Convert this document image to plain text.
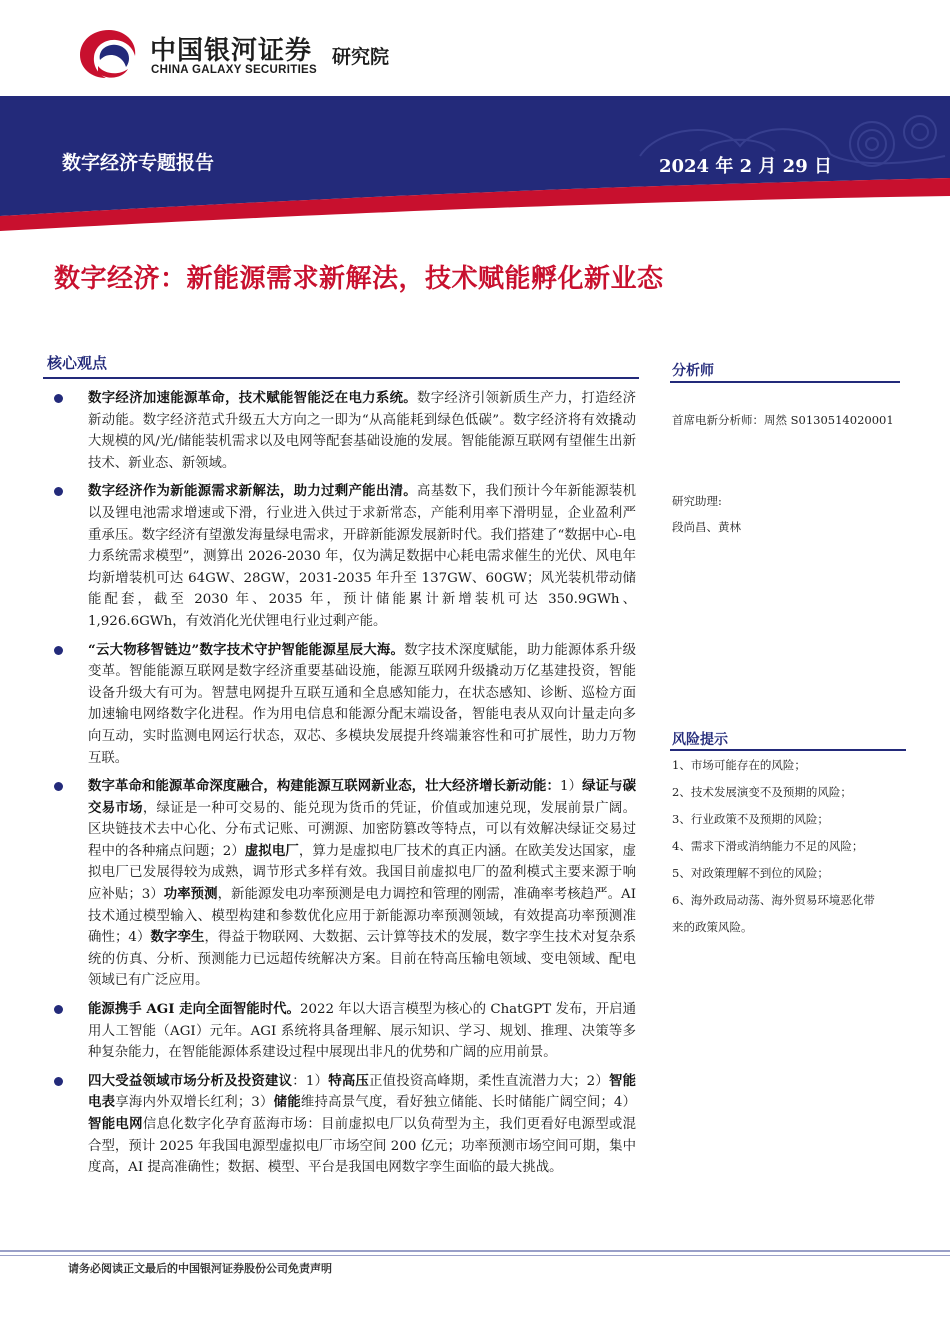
中国银河证券
CHINA GALAXY SECURITIES
研究院
数字经济专题报告	2024 年 2 月 29 日
数字经济：新能源需求新解法，技术赋能孵化新业态
核心观点
数字经济加速能源革命，技术赋能智能泛在电力系统。数字经济引领新质生产力，打造经济新动能。数字经济范式升级五大方向之一即为“从高能耗到绿色低碳”。数字经济将有效撬动大规模的风/光/储能装机需求以及电网等配套基础设施的发展。智能能源互联网有望催生出新技术、新业态、新领域。
数字经济作为新能源需求新解法，助力过剩产能出清。高基数下，我们预计今年新能源装机以及锂电池需求增速或下滑，行业进入供过于求新常态，产能利用率下滑明显，企业盈利严重承压。数字经济有望激发海量绿电需求，开辟新能源发展新时代。我们搭建了“数据中心-电力系统需求模型”，测算出 2026-2030 年，仅为满足数据中心耗电需求催生的光伏、风电年均新增装机可达 64GW、28GW，2031-2035 年升至 137GW、60GW；风光装机带动储能配套，截至 2030 年、2035 年，预计储能累计新增装机可达 350.9GWh、1,926.6GWh，有效消化光伏锂电行业过剩产能。
“云大物移智链边”数字技术守护智能能源星辰大海。数字技术深度赋能，助力能源体系升级变革。智能能源互联网是数字经济重要基础设施，能源互联网升级撬动万亿基建投资，智能设备升级大有可为。智慧电网提升互联互通和全息感知能力，在状态感知、诊断、巡检方面加速输电网络数字化进程。作为用电信息和能源分配末端设备，智能电表从双向计量走向多向互动，实时监测电网运行状态，双芯、多模块发展提升终端兼容性和可扩展性，助力万物互联。
数字革命和能源革命深度融合，构建能源互联网新业态，壮大经济增长新动能：1）绿证与碳交易市场，绿证是一种可交易的、能兑现为货币的凭证，价值或加速兑现，发展前景广阔。区块链技术去中心化、分布式记账、可溯源、加密防篡改等特点，可以有效解决绿证交易过程中的各种痛点问题；2）虚拟电厂，算力是虚拟电厂技术的真正内涵。在欧美发达国家，虚拟电厂已发展得较为成熟，调节形式多样有效。我国目前虚拟电厂的盈利模式主要来源于响应补贴；3）功率预测，新能源发电功率预测是电力调控和管理的刚需，准确率考核趋严。AI 技术通过模型输入、模型构建和参数优化应用于新能源功率预测领域，有效提高功率预测准确性；4）数字孪生，得益于物联网、大数据、云计算等技术的发展，数字孪生技术对复杂系统的仿真、分析、预测能力已远超传统解决方案。目前在特高压输电领域、变电领域、配电领域已有广泛应用。
能源携手 AGI 走向全面智能时代。2022 年以大语言模型为核心的 ChatGPT 发布，开启通用人工智能（AGI）元年。AGI 系统将具备理解、展示知识、学习、规划、推理、决策等多种复杂能力，在智能能源体系建设过程中展现出非凡的优势和广阔的应用前景。
四大受益领域市场分析及投资建议：1）特高压正值投资高峰期，柔性直流潜力大；2）智能电表享海内外双增长红利；3）储能维持高景气度，看好独立储能、长时储能广阔空间；4）智能电网信息化数字化孕育蓝海市场：目前虚拟电厂以负荷型为主，我们更看好电源型或混合型，预计 2025 年我国电源型虚拟电厂市场空间 200 亿元；功率预测市场空间可期，集中度高，AI 提高准确性；数据、模型、平台是我国电网数字孪生面临的最大挑战。
分析师
首席电新分析师：周然 S0130514020001
研究助理:
段尚昌、黄林
风险提示
1、市场可能存在的风险；
2、技术发展演变不及预期的风险；
3、行业政策不及预期的风险；
4、需求下滑或消纳能力不足的风险；
5、对政策理解不到位的风险；
6、海外政局动荡、海外贸易环境恶化带
来的政策风险。
请务必阅读正文最后的中国银河证券股份公司免责声明
